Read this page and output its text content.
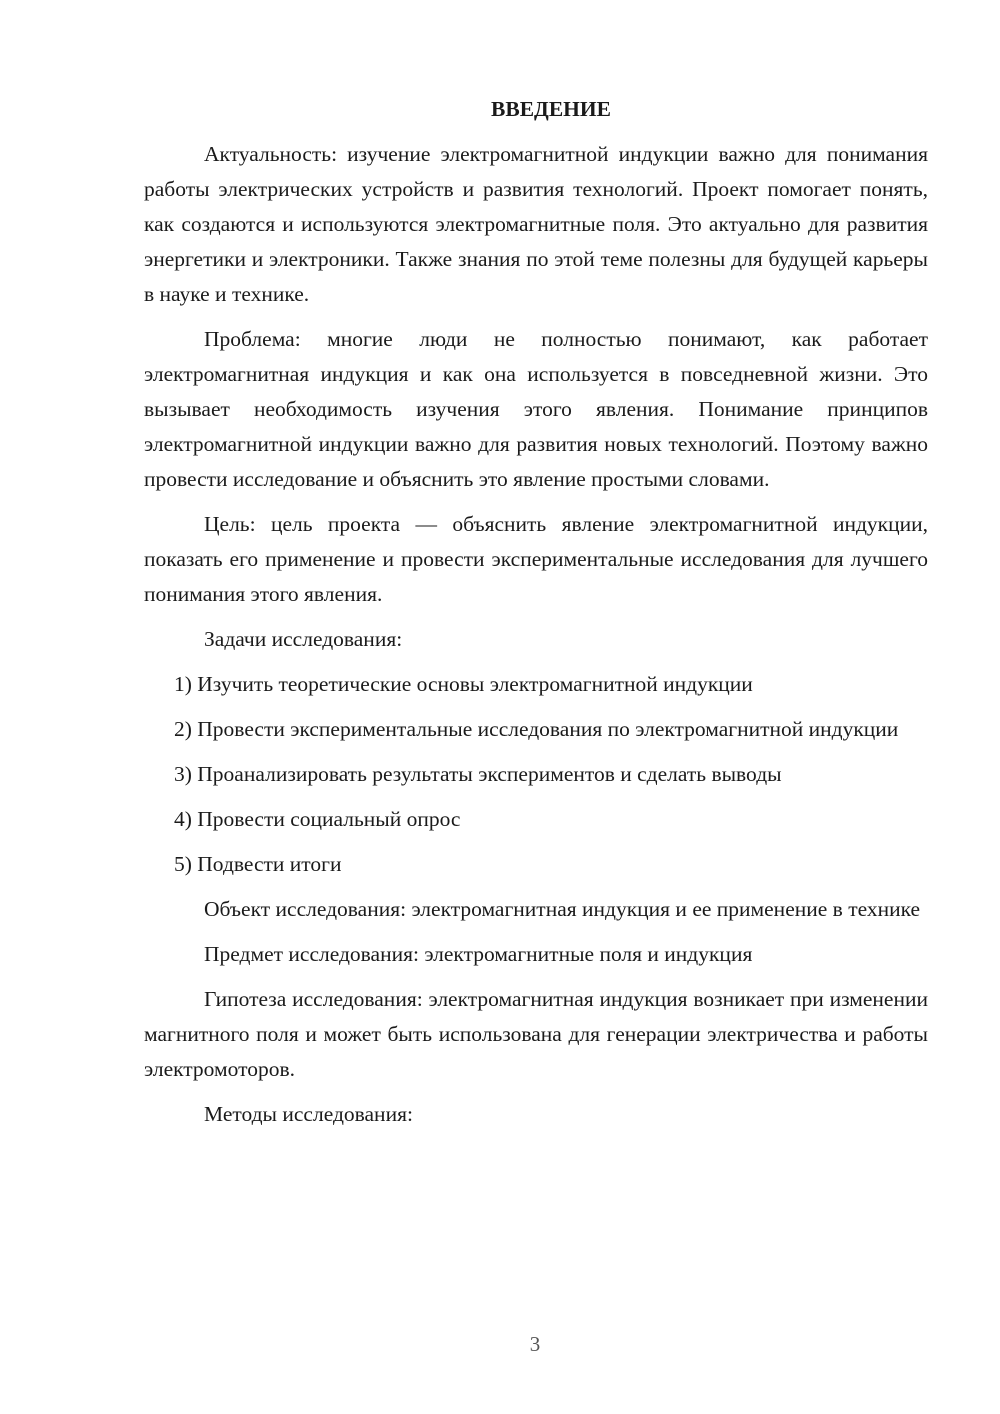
ВВЕДЕНИЕ

Актуальность: изучение электромагнитной индукции важно для понимания работы электрических устройств и развития технологий. Проект помогает понять, как создаются и используются электромагнитные поля. Это актуально для развития энергетики и электроники. Также знания по этой теме полезны для будущей карьеры в науке и технике.

Проблема: многие люди не полностью понимают, как работает электромагнитная индукция и как она используется в повседневной жизни. Это вызывает необходимость изучения этого явления. Понимание принципов электромагнитной индукции важно для развития новых технологий. Поэтому важно провести исследование и объяснить это явление простыми словами.

Цель: цель проекта — объяснить явление электромагнитной индукции, показать его применение и провести экспериментальные исследования для лучшего понимания этого явления.

Задачи исследования:

1) Изучить теоретические основы электромагнитной индукции

2) Провести экспериментальные исследования по электромагнитной индукции

3) Проанализировать результаты экспериментов и сделать выводы

4) Провести социальный опрос

5) Подвести итоги

Объект исследования: электромагнитная индукция и ее применение в технике

Предмет исследования: электромагнитные поля и индукция

Гипотеза исследования: электромагнитная индукция возникает при изменении магнитного поля и может быть использована для генерации электричества и работы электромоторов.

Методы исследования:

3
